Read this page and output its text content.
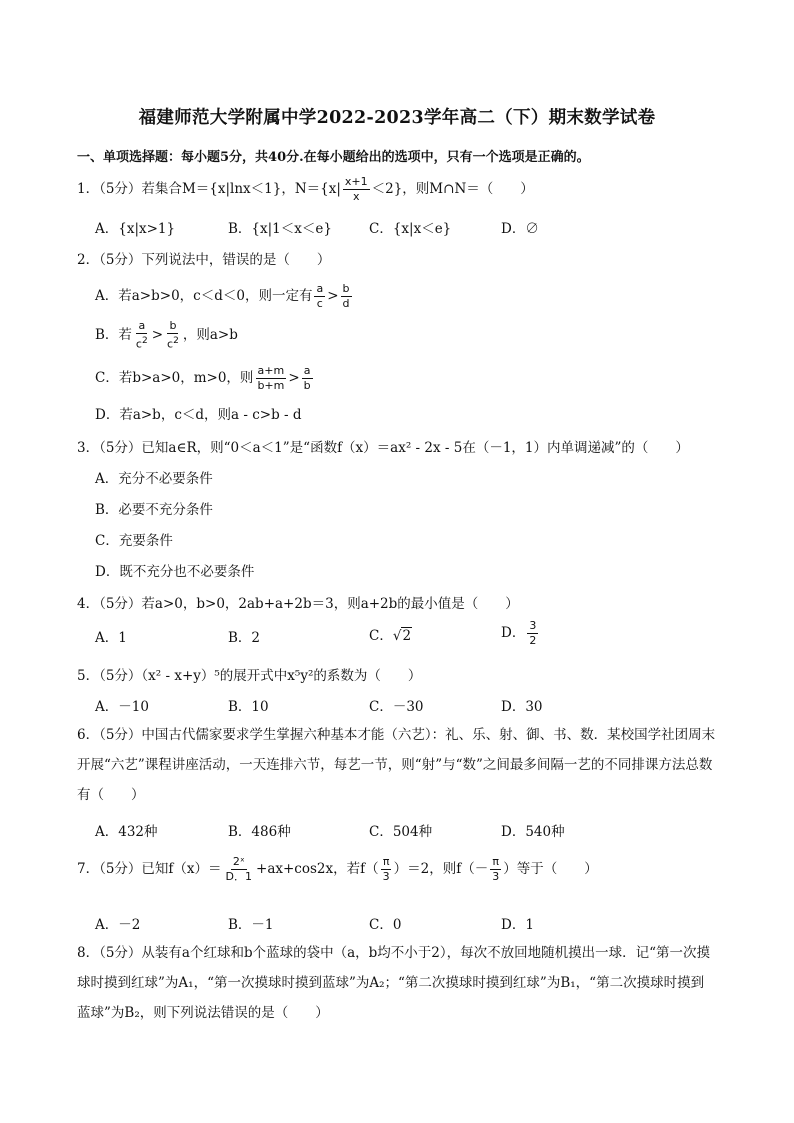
福建师范大学附属中学2022-2023学年高二（下）期末数学试卷
一、单项选择题：每小题5分，共40分.在每小题给出的选项中，只有一个选项是正确的。
1．（5分）若集合M＝{x|lnx＜1}，$N=\{x| \frac{x+1}{x} <2\}$，则M∩N＝（　　）
A．{x|x>1}	B．{x|1＜x＜e}	C．{x|x＜e}	D．∅
2．（5分）下列说法中，错误的是（　　）
A．若a>b>0，c＜d＜0，则一定有 $\frac{a}{c} > \frac{b}{d}$
B．若 $\frac{a}{c^2} > \frac{b}{c^2}$ ，则a>b
C．若b>a>0，m>0，则 $\frac{a+m}{b+m} > \frac{a}{b}$
D．若a>b，c＜d，则a - c>b - d
3．（5分）已知a∈R，则“0＜a＜1”是“函数f（x）＝ax² - 2x - 5在（－1，1）内单调递减”的（　　）
A．充分不必要条件
B．必要不充分条件
C．充要条件
D．既不充分也不必要条件
4．（5分）若a>0，b>0，2ab+a+2b＝3，则a+2b的最小值是（　　）
A．1	B．2	C．√2	D． $\frac{3}{2}$
5．（5分）（x² - x+y）⁵的展开式中x⁵y²的系数为（　　）
A．－10	B．10	C．－30	D．30
6．（5分）中国古代儒家要求学生掌握六种基本才能（六艺）：礼、乐、射、御、书、数．某校国学社团周末开展“六艺”课程讲座活动，一天连排六节，每艺一节，则“射”与“数”之间最多间隔一艺的不同排课方法总数有（　　）
A．432种	B．486种	C．504种	D．540种
7．（5分）已知$f(x)= \frac{\text{2ˣ}}{D.1} +ax+\cos 2x$，若$f( \frac{\pi}{3} )=2$，则$f(- \frac{\pi}{3}$ ）等于（　　）
A．－2	B．－1	C．0	D．1
8．（5分）从装有a个红球和b个蓝球的袋中（a，b均不小于2），每次不放回地随机摸出一球．记“第一次摸球时摸到红球”为A₁，“第一次摸球时摸到蓝球”为A₂；“第二次摸球时摸到红球”为B₁，“第二次摸球时摸到蓝球”为B₂，则下列说法错误的是（　　）
